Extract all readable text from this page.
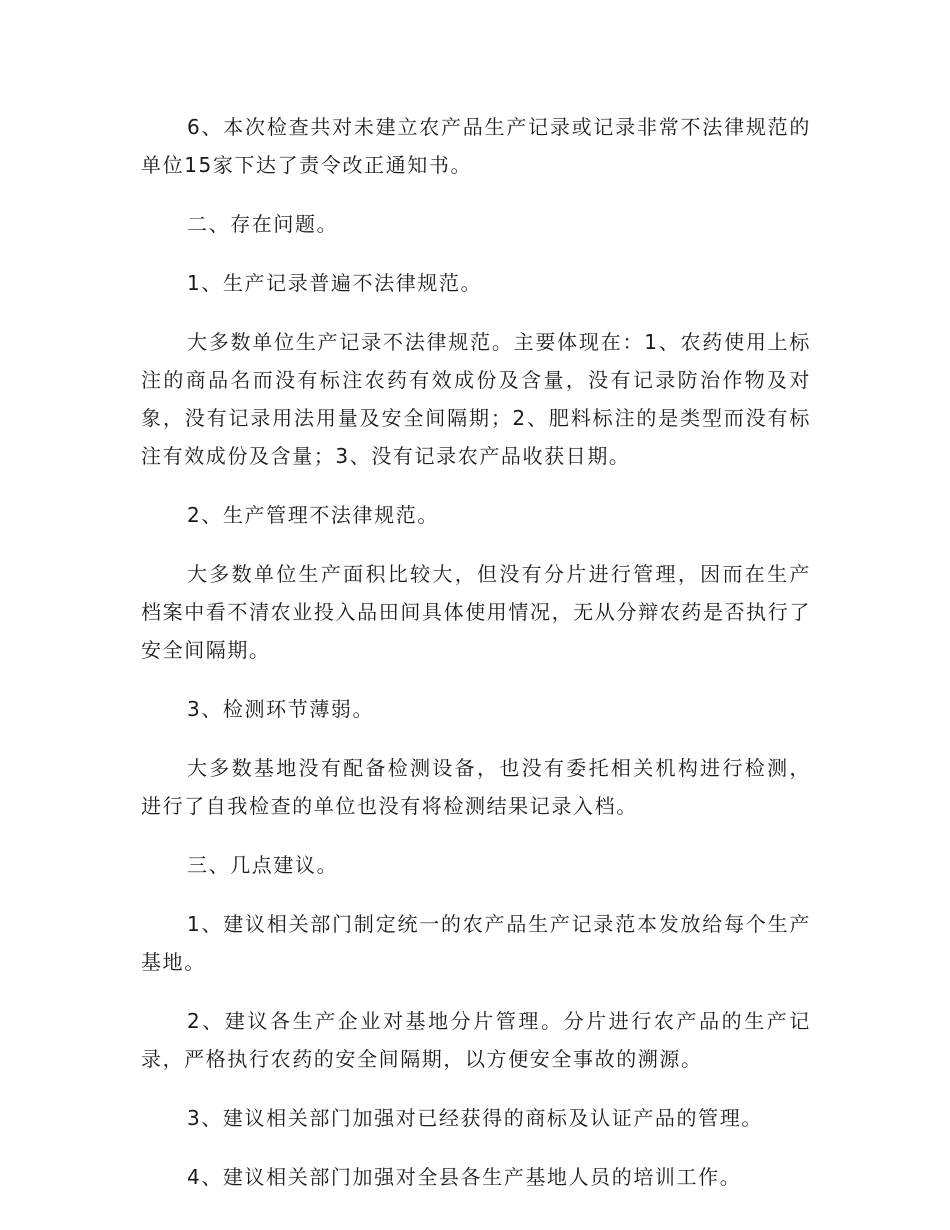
6、本次检查共对未建立农产品生产记录或记录非常不法律规范的单位15家下达了责令改正通知书。

二、存在问题。

1、生产记录普遍不法律规范。

大多数单位生产记录不法律规范。主要体现在：1、农药使用上标注的商品名而没有标注农药有效成份及含量，没有记录防治作物及对象，没有记录用法用量及安全间隔期；2、肥料标注的是类型而没有标注有效成份及含量；3、没有记录农产品收获日期。

2、生产管理不法律规范。

大多数单位生产面积比较大，但没有分片进行管理，因而在生产档案中看不清农业投入品田间具体使用情况，无从分辩农药是否执行了安全间隔期。

3、检测环节薄弱。

大多数基地没有配备检测设备，也没有委托相关机构进行检测，进行了自我检查的单位也没有将检测结果记录入档。

三、几点建议。

1、建议相关部门制定统一的农产品生产记录范本发放给每个生产基地。

2、建议各生产企业对基地分片管理。分片进行农产品的生产记录，严格执行农药的安全间隔期，以方便安全事故的溯源。

3、建议相关部门加强对已经获得的商标及认证产品的管理。

4、建议相关部门加强对全县各生产基地人员的培训工作。
